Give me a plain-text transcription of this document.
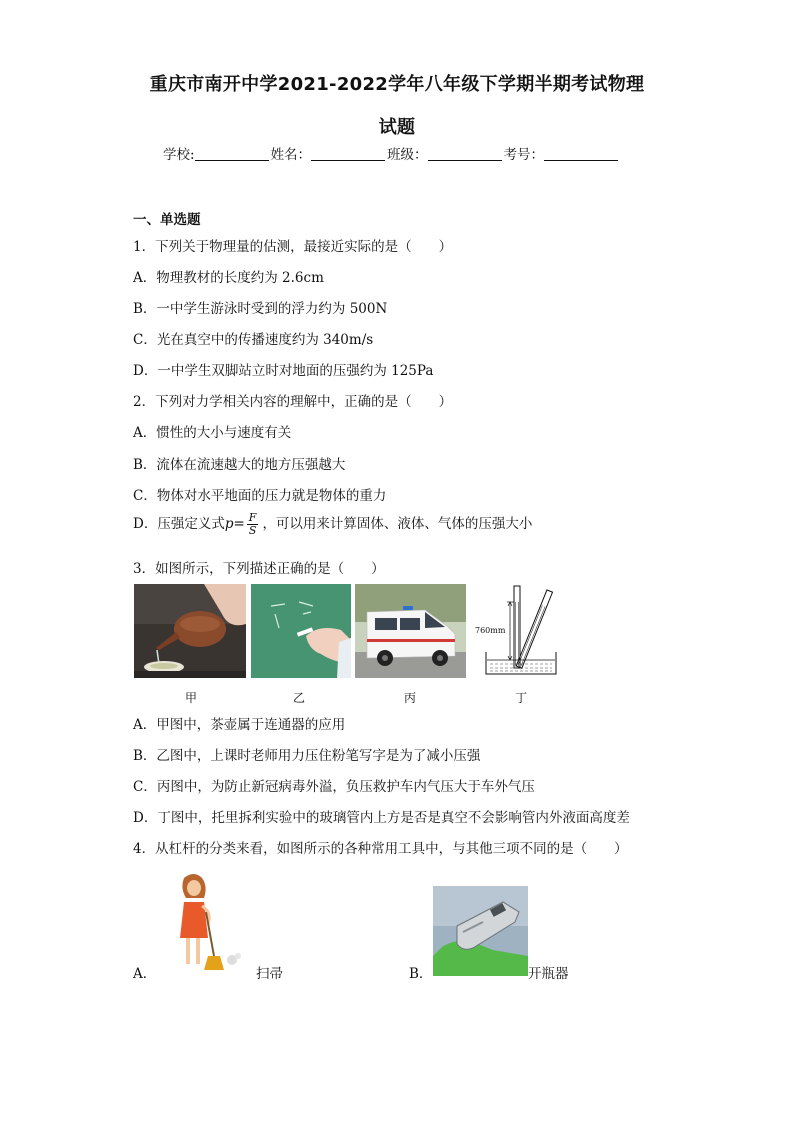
重庆市南开中学2021-2022学年八年级下学期半期考试物理
试题
学校:	姓名：	班级：	考号：
一、单选题
1．下列关于物理量的估测，最接近实际的是（　　）
A．物理教材的长度约为 2.6cm
B．一中学生游泳时受到的浮力约为 500N
C．光在真空中的传播速度约为 340m/s
D．一中学生双脚站立时对地面的压强约为 125Pa
2．下列对力学相关内容的理解中，正确的是（　　）
A．惯性的大小与速度有关
B．流体在流速越大的地方压强越大
C．物体对水平地面的压力就是物体的重力
D．压强定义式$p= \frac{F}{S}$ ，可以用来计算固体、液体、气体的压强大小
3．如图所示，下列描述正确的是（　　）
760mm
甲	乙	丙	丁
A．甲图中，茶壶属于连通器的应用
B．乙图中，上课时老师用力压住粉笔写字是为了减小压强
C．丙图中，为防止新冠病毒外溢，负压救护车内气压大于车外气压
D．丁图中，托里拆利实验中的玻璃管内上方是否是真空不会影响管内外液面高度差
4．从杠杆的分类来看，如图所示的各种常用工具中，与其他三项不同的是（　　）
A．	扫帚	B．	开瓶器
